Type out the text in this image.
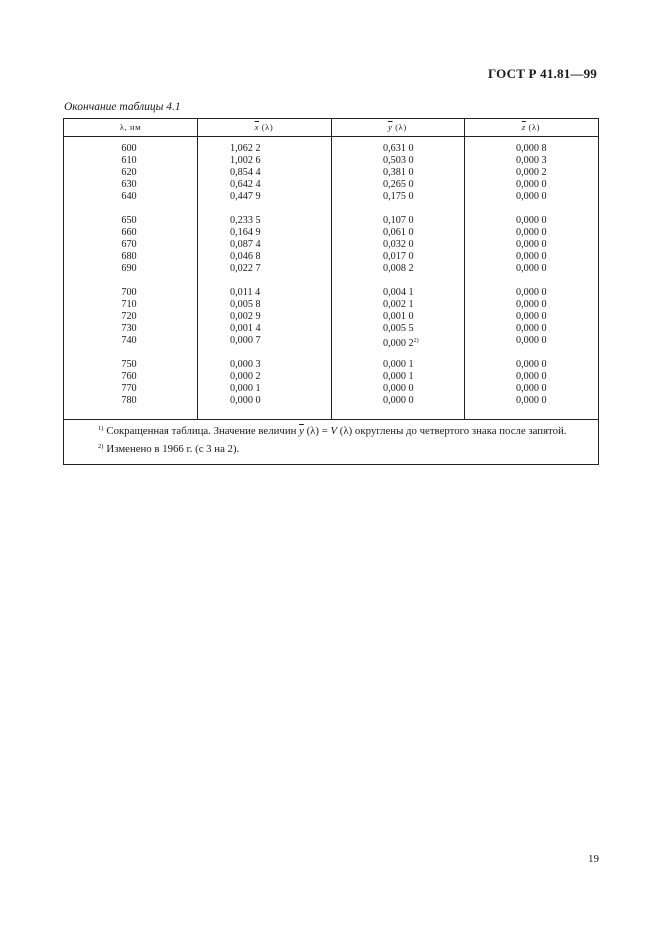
ГОСТ Р 41.81—99
Окончание таблицы 4.1
λ, нм	$\overline{x}$ (λ)	$\overline{y}$ (λ)	$\overline{z}$ (λ)
600	1,062 2	0,631 0	0,000 8
610	1,002 6	0,503 0	0,000 3
620	0,854 4	0,381 0	0,000 2
630	0,642 4	0,265 0	0,000 0
640	0,447 9	0,175 0	0,000 0
650	0,233 5	0,107 0	0,000 0
660	0,164 9	0,061 0	0,000 0
670	0,087 4	0,032 0	0,000 0
680	0,046 8	0,017 0	0,000 0
690	0,022 7	0,008 2	0,000 0
700	0,011 4	0,004 1	0,000 0
710	0,005 8	0,002 1	0,000 0
720	0,002 9	0,001 0	0,000 0
730	0,001 4	0,005 5	0,000 0
740	0,000 7	0,000 2$^{2)}$	0,000 0
750	0,000 3	0,000 1	0,000 0
760	0,000 2	0,000 1	0,000 0
770	0,000 1	0,000 0	0,000 0
780	0,000 0	0,000 0	0,000 0
$^{1)}$ Сокращенная таблица. Значение величин $\overline{y}$ (λ) = V (λ) округлены до четвертого знака после запятой.
$^{2)}$ Изменено в 1966 г. (с 3 на 2).
19
